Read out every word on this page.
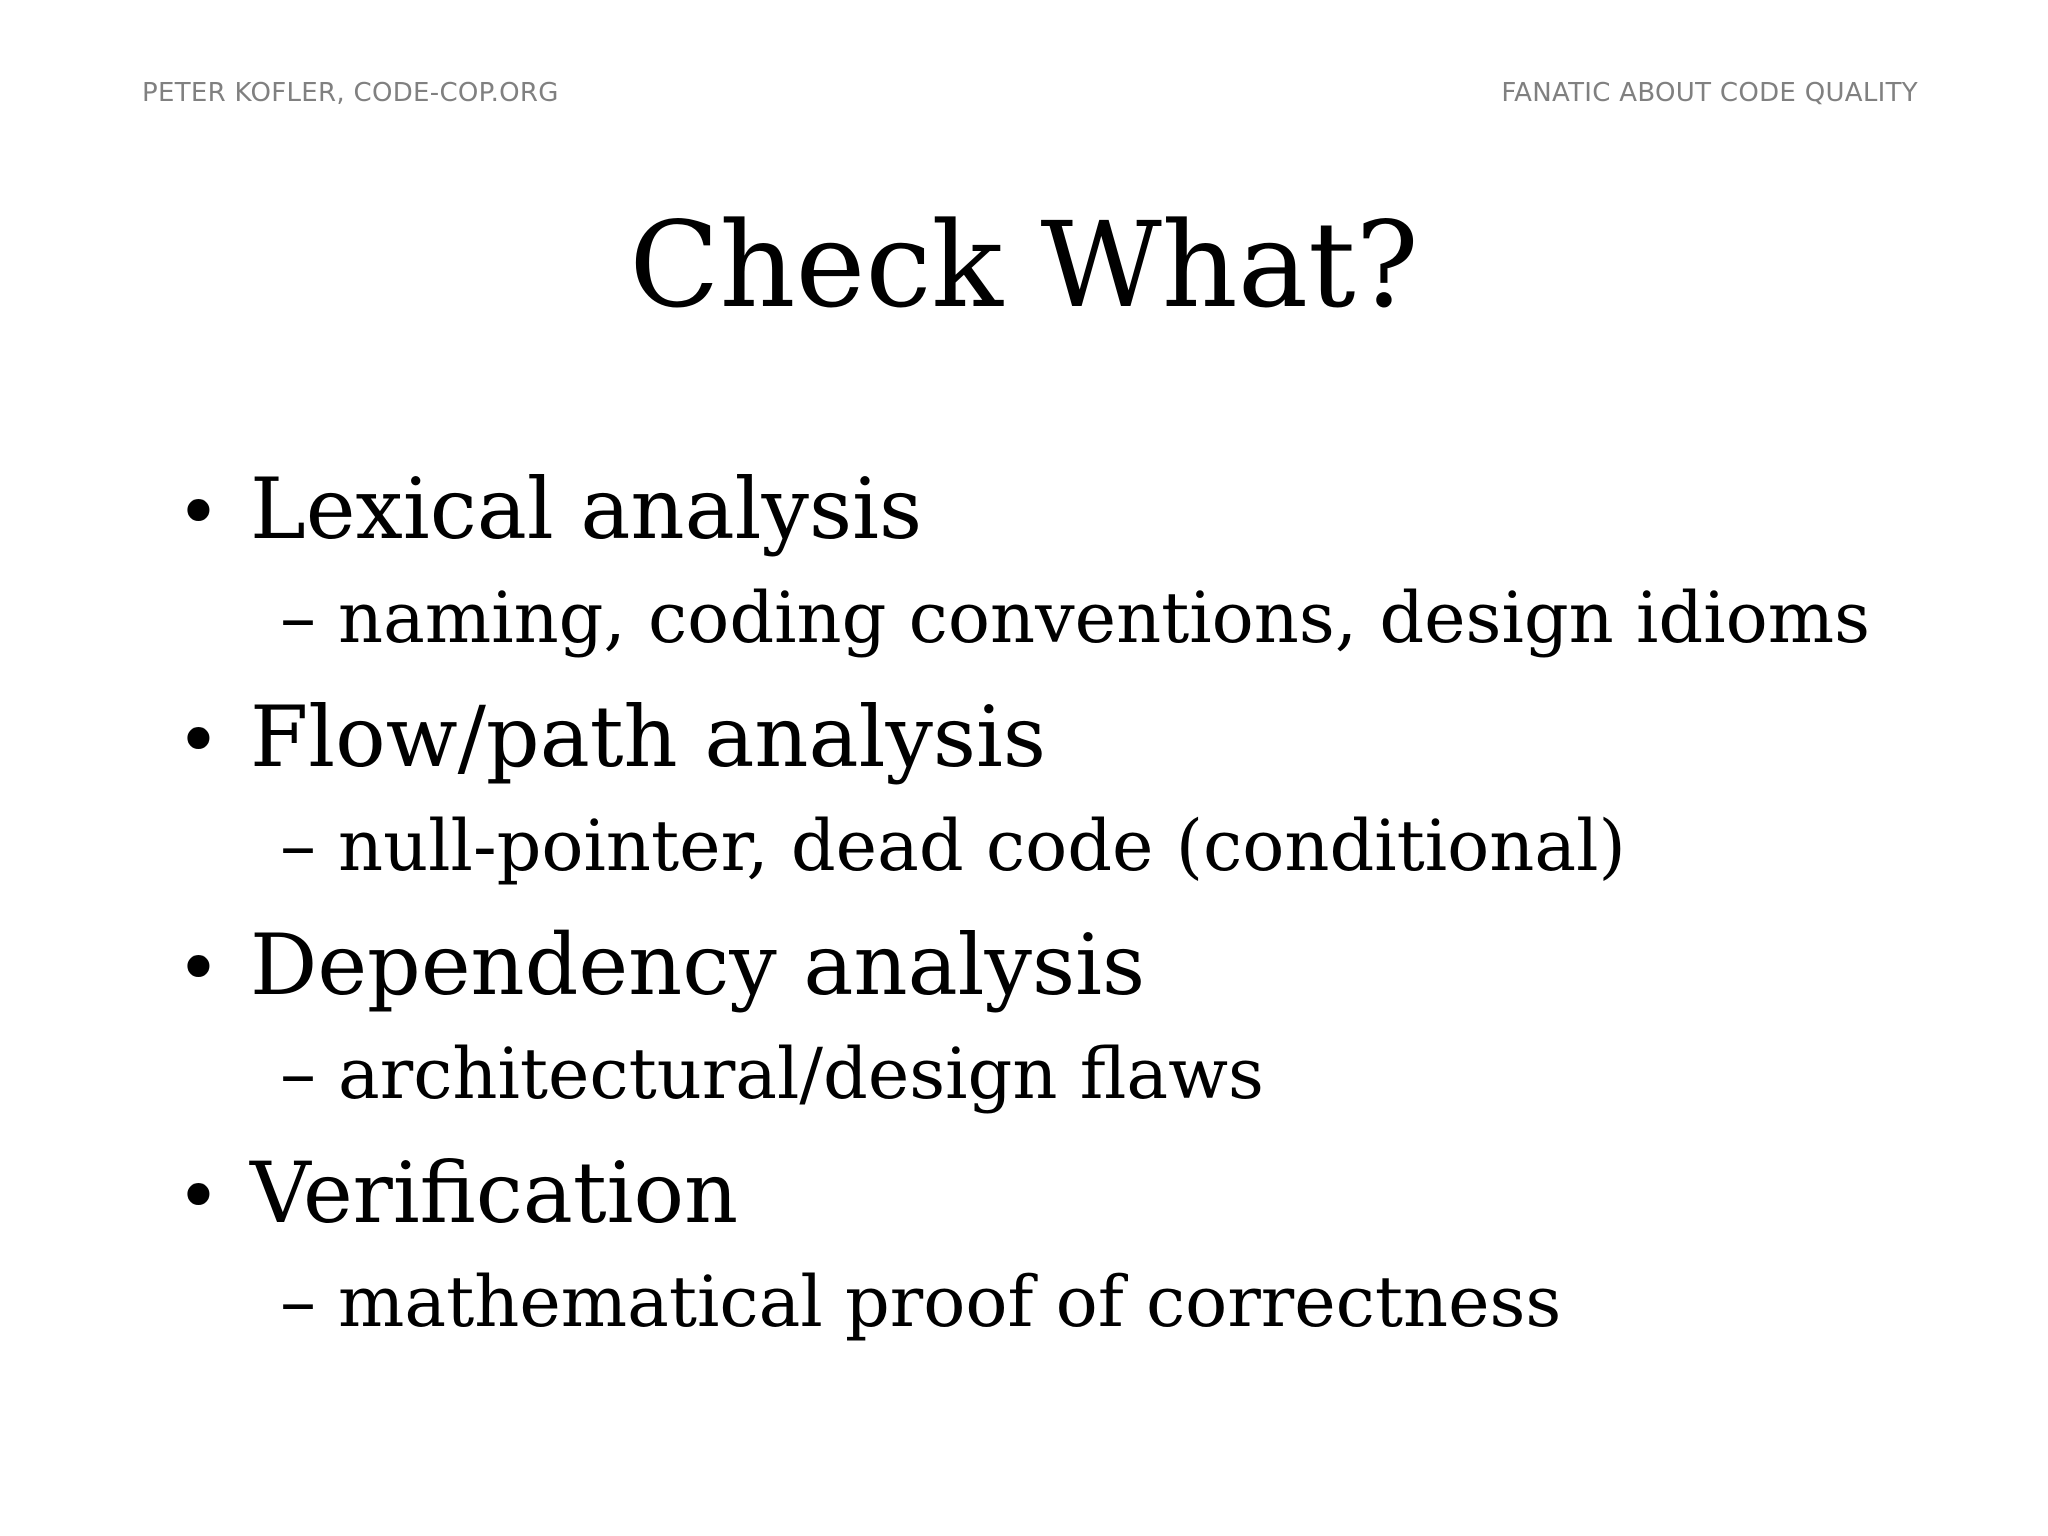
PETER KOFLER, CODE-COP.ORG	FANATIC ABOUT CODE QUALITY
Check What?
• Lexical analysis
– naming, coding conventions, design idioms
• Flow/path analysis
– null-pointer, dead code (conditional)
• Dependency analysis
– architectural/design flaws
• Verification
– mathematical proof of correctness
